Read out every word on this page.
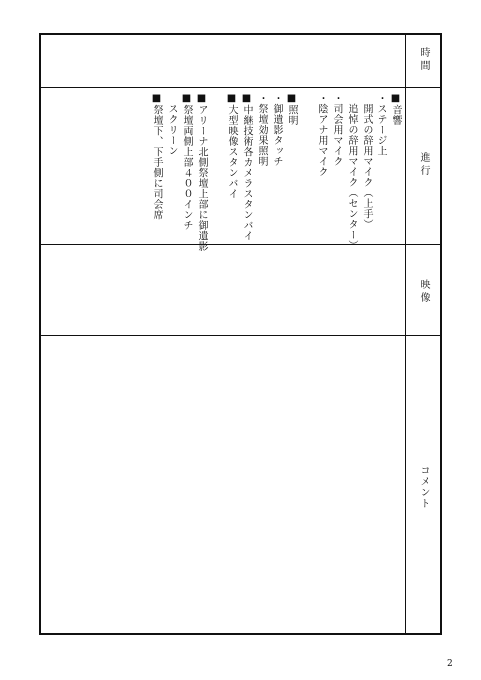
時間
進行
映像
コメント
■音響
・ステージ上
　開式の辞用マイク（上手）
　追悼の辞用マイク（センター）
・司会用マイク
・陰アナ用マイク
■照明
・御遺影タッチ
・祭壇効果照明
■中継技術各カメラスタンバイ
■大型映像スタンバイ
■アリーナ北側祭壇上部に御遺影
■祭壇両側上部４００インチ
　スクリーン
■祭壇下、下手側に司会席
2
